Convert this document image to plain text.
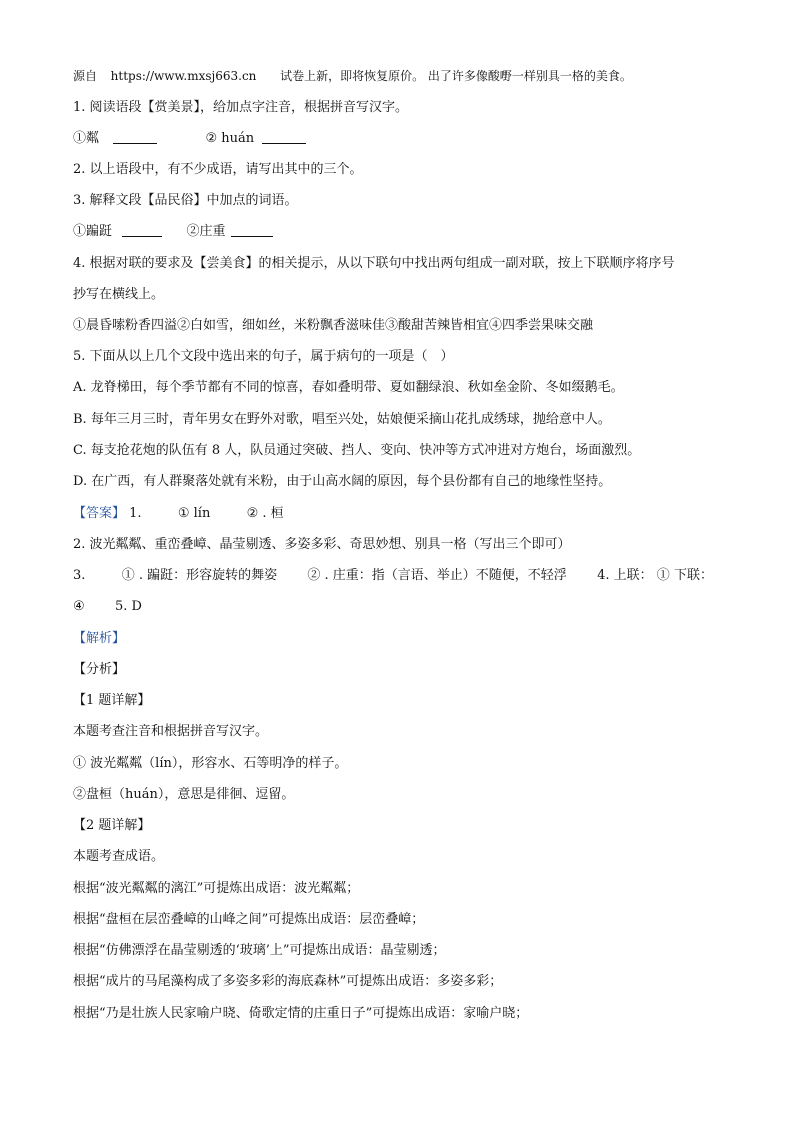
源自 https://www.mxsj663.cn 试卷上新，即将恢复原价。 出了许多像酸嘢一样别具一格的美食。
1. 阅读语段【赏美景】，给加点字注音，根据拼音写汉字。
①粼	② huán
2. 以上语段中，有不少成语，请写出其中的三个。
3. 解释文段【品民俗】中加点的词语。
①蹁跹	②庄重
4. 根据对联的要求及【尝美食】的相关提示，从以下联句中找出两句组成一副对联，按上下联顺序将序号
抄写在横线上。
①晨昏嗦粉香四溢②白如雪，细如丝，米粉飘香滋味佳③酸甜苦辣皆相宜④四季尝果味交融
5. 下面从以上几个文段中选出来的句子，属于病句的一项是（　）
A. 龙脊梯田，每个季节都有不同的惊喜，春如叠明带、夏如翻绿浪、秋如垒金阶、冬如缀鹅毛。
B. 每年三月三时，青年男女在野外对歌，唱至兴处，姑娘便采摘山花扎成绣球，抛给意中人。
C. 每支抢花炮的队伍有 8 人，队员通过突破、挡人、变向、快冲等方式冲进对方炮台，场面激烈。
D. 在广西，有人群聚落处就有米粉，由于山高水阔的原因，每个县份都有自己的地缘性坚持。
【答案】 1.	① lín	② . 桓
2. 波光粼粼、重峦叠嶂、晶莹剔透、多姿多彩、奇思妙想、别具一格（写出三个即可）
3.	① . 蹁跹：形容旋转的舞姿 ② . 庄重：指（言语、举止）不随便，不轻浮 4. 上联： ① 下联：
④ 5. D
【解析】
【分析】
【1 题详解】
本题考查注音和根据拼音写汉字。
① 波光粼粼（lín），形容水、石等明净的样子。
②盘桓（huán），意思是徘徊、逗留。
【2 题详解】
本题考查成语。
根据“波光粼粼的漓江”可提炼出成语：波光粼粼；
根据“盘桓在层峦叠嶂的山峰之间”可提炼出成语：层峦叠嶂；
根据“仿佛漂浮在晶莹剔透的‘玻璃’上”可提炼出成语：晶莹剔透；
根据“成片的马尾藻构成了多姿多彩的海底森林”可提炼出成语：多姿多彩；
根据“乃是壮族人民家喻户晓、倚歌定情的庄重日子”可提炼出成语：家喻户晓；
